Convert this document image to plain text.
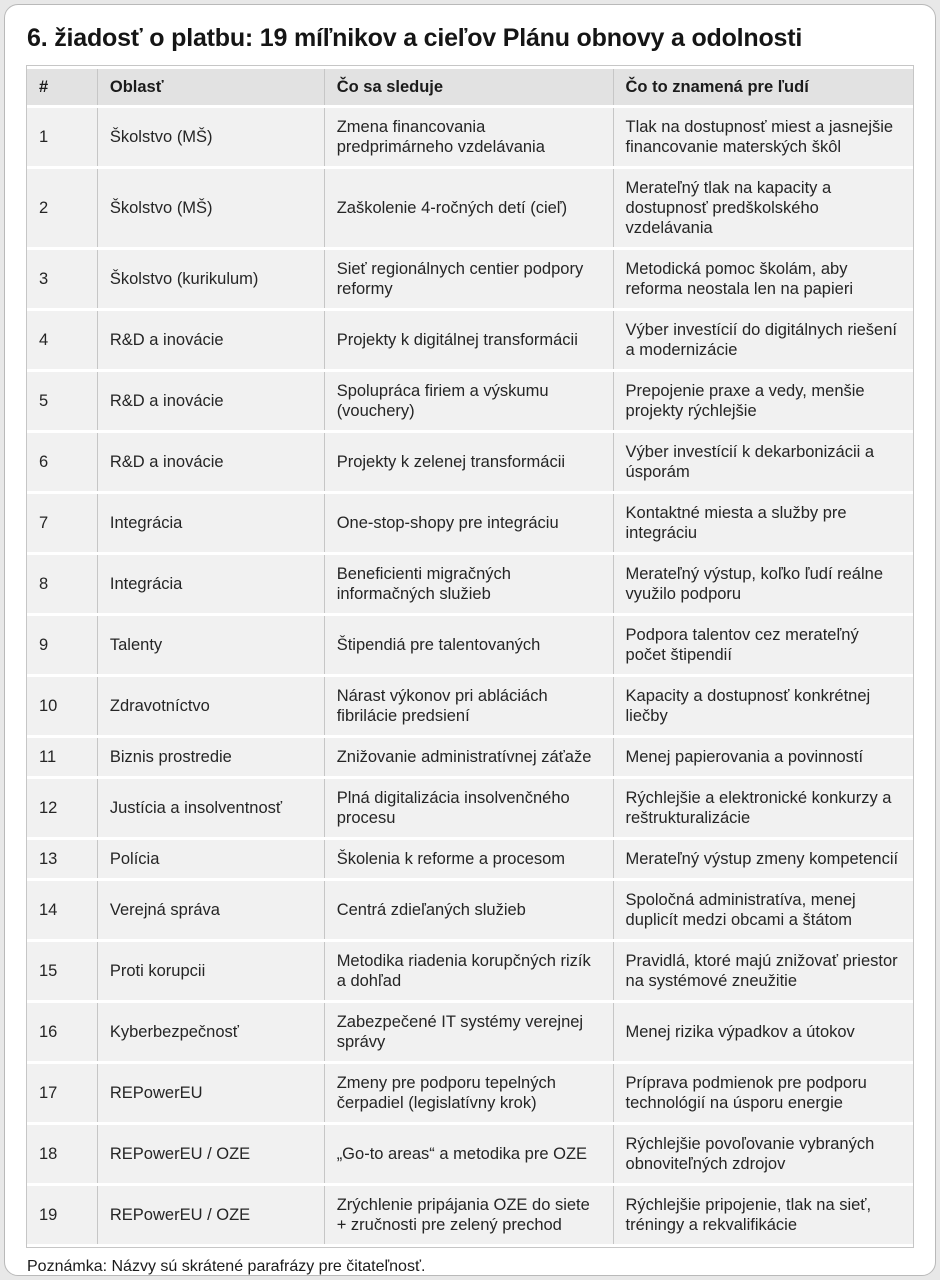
6. žiadosť o platbu: 19 míľnikov a cieľov Plánu obnovy a odolnosti
#	Oblasť	Čo sa sleduje	Čo to znamená pre ľudí
1	Školstvo (MŠ)	Zmena financovania predprimárneho vzdelávania	Tlak na dostupnosť miest a jasnejšie financovanie materských škôl
2	Školstvo (MŠ)	Zaškolenie 4-ročných detí (cieľ)	Merateľný tlak na kapacity a dostupnosť predškolského vzdelávania
3	Školstvo (kurikulum)	Sieť regionálnych centier podpory reformy	Metodická pomoc školám, aby reforma neostala len na papieri
4	R&D a inovácie	Projekty k digitálnej transformácii	Výber investícií do digitálnych riešení a modernizácie
5	R&D a inovácie	Spolupráca firiem a výskumu (vouchery)	Prepojenie praxe a vedy, menšie projekty rýchlejšie
6	R&D a inovácie	Projekty k zelenej transformácii	Výber investícií k dekarbonizácii a úsporám
7	Integrácia	One-stop-shopy pre integráciu	Kontaktné miesta a služby pre integráciu
8	Integrácia	Beneficienti migračných informačných služieb	Merateľný výstup, koľko ľudí reálne využilo podporu
9	Talenty	Štipendiá pre talentovaných	Podpora talentov cez merateľný počet štipendií
10	Zdravotníctvo	Nárast výkonov pri abláciách fibrilácie predsiení	Kapacity a dostupnosť konkrétnej liečby
11	Biznis prostredie	Znižovanie administratívnej záťaže	Menej papierovania a povinností
12	Justícia a insolventnosť	Plná digitalizácia insolvenčného procesu	Rýchlejšie a elektronické konkurzy a reštrukturalizácie
13	Polícia	Školenia k reforme a procesom	Merateľný výstup zmeny kompetencií
14	Verejná správa	Centrá zdieľaných služieb	Spoločná administratíva, menej duplicít medzi obcami a štátom
15	Proti korupcii	Metodika riadenia korupčných rizík a dohľad	Pravidlá, ktoré majú znižovať priestor na systémové zneužitie
16	Kyberbezpečnosť	Zabezpečené IT systémy verejnej správy	Menej rizika výpadkov a útokov
17	REPowerEU	Zmeny pre podporu tepelných čerpadiel (legislatívny krok)	Príprava podmienok pre podporu technológií na úsporu energie
18	REPowerEU / OZE	„Go-to areas“ a metodika pre OZE	Rýchlejšie povoľovanie vybraných obnoviteľných zdrojov
19	REPowerEU / OZE	Zrýchlenie pripájania OZE do siete + zručnosti pre zelený prechod	Rýchlejšie pripojenie, tlak na sieť, tréningy a rekvalifikácie
Poznámka: Názvy sú skrátené parafrázy pre čitateľnosť.
